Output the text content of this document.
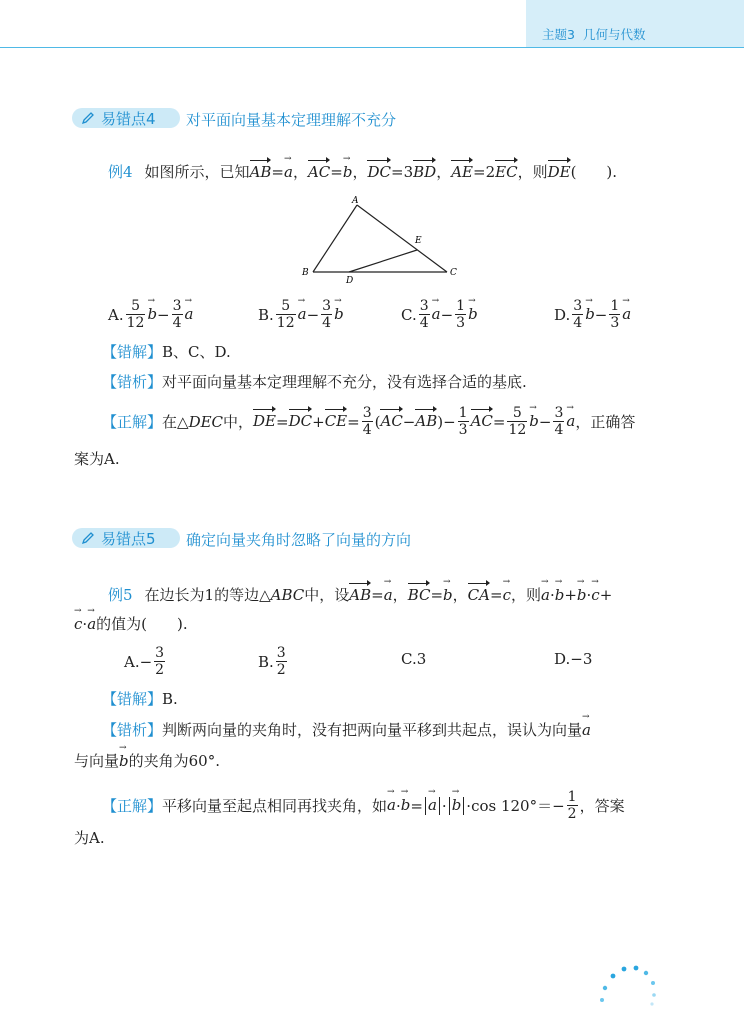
主题3 几何与代数
易错点4 对平面向量基本定理理解不充分
例4 如图所示，已知AB=a →，AC=b →，DC=3BD，AE=2EC，则DE(　　).
A
B	C
D
E
A. $\frac{5}{12}$ b → − $\frac{3}{4}$ a →	B. $\frac{5}{12}$ a → − $\frac{3}{4}$ b →	C. $\frac{3}{4}$ a → − $\frac{1}{3}$ b →	D. $\frac{3}{4}$ b → − $\frac{1}{3}$ a →
【错解】B、C、D.
【错析】对平面向量基本定理理解不充分，没有选择合适的基底.
【正解】 在△ DEC 中， DE = DC + CE = $\frac{3}{4}$ ( AC − AB )− $\frac{1}{3}$ AC = $\frac{5}{12}$ b → − $\frac{3}{4}$ a → ，正确答
案为A.
易错点5 确定向量夹角时忽略了向量的方向
例5 在边长为1的等边△ABC中，设AB=a →，BC=b →，CA=c →，则a →·b →+b →·c →+
c →·a →的值为(　　).
$A.- \frac{3}{2}$	B. $\frac{3}{2}$	C.3	D.−3
【错解】B.
【错析】判断两向量的夹角时，没有把两向量平移到共起点，误认为向量a →
与向量b →的夹角为60°.
【正解】 平移向量至起点相同再找夹角，如 a → · b → = a → · b → ·cos $120^\circ=- \frac{1}{2}$ ，答案
为A.
